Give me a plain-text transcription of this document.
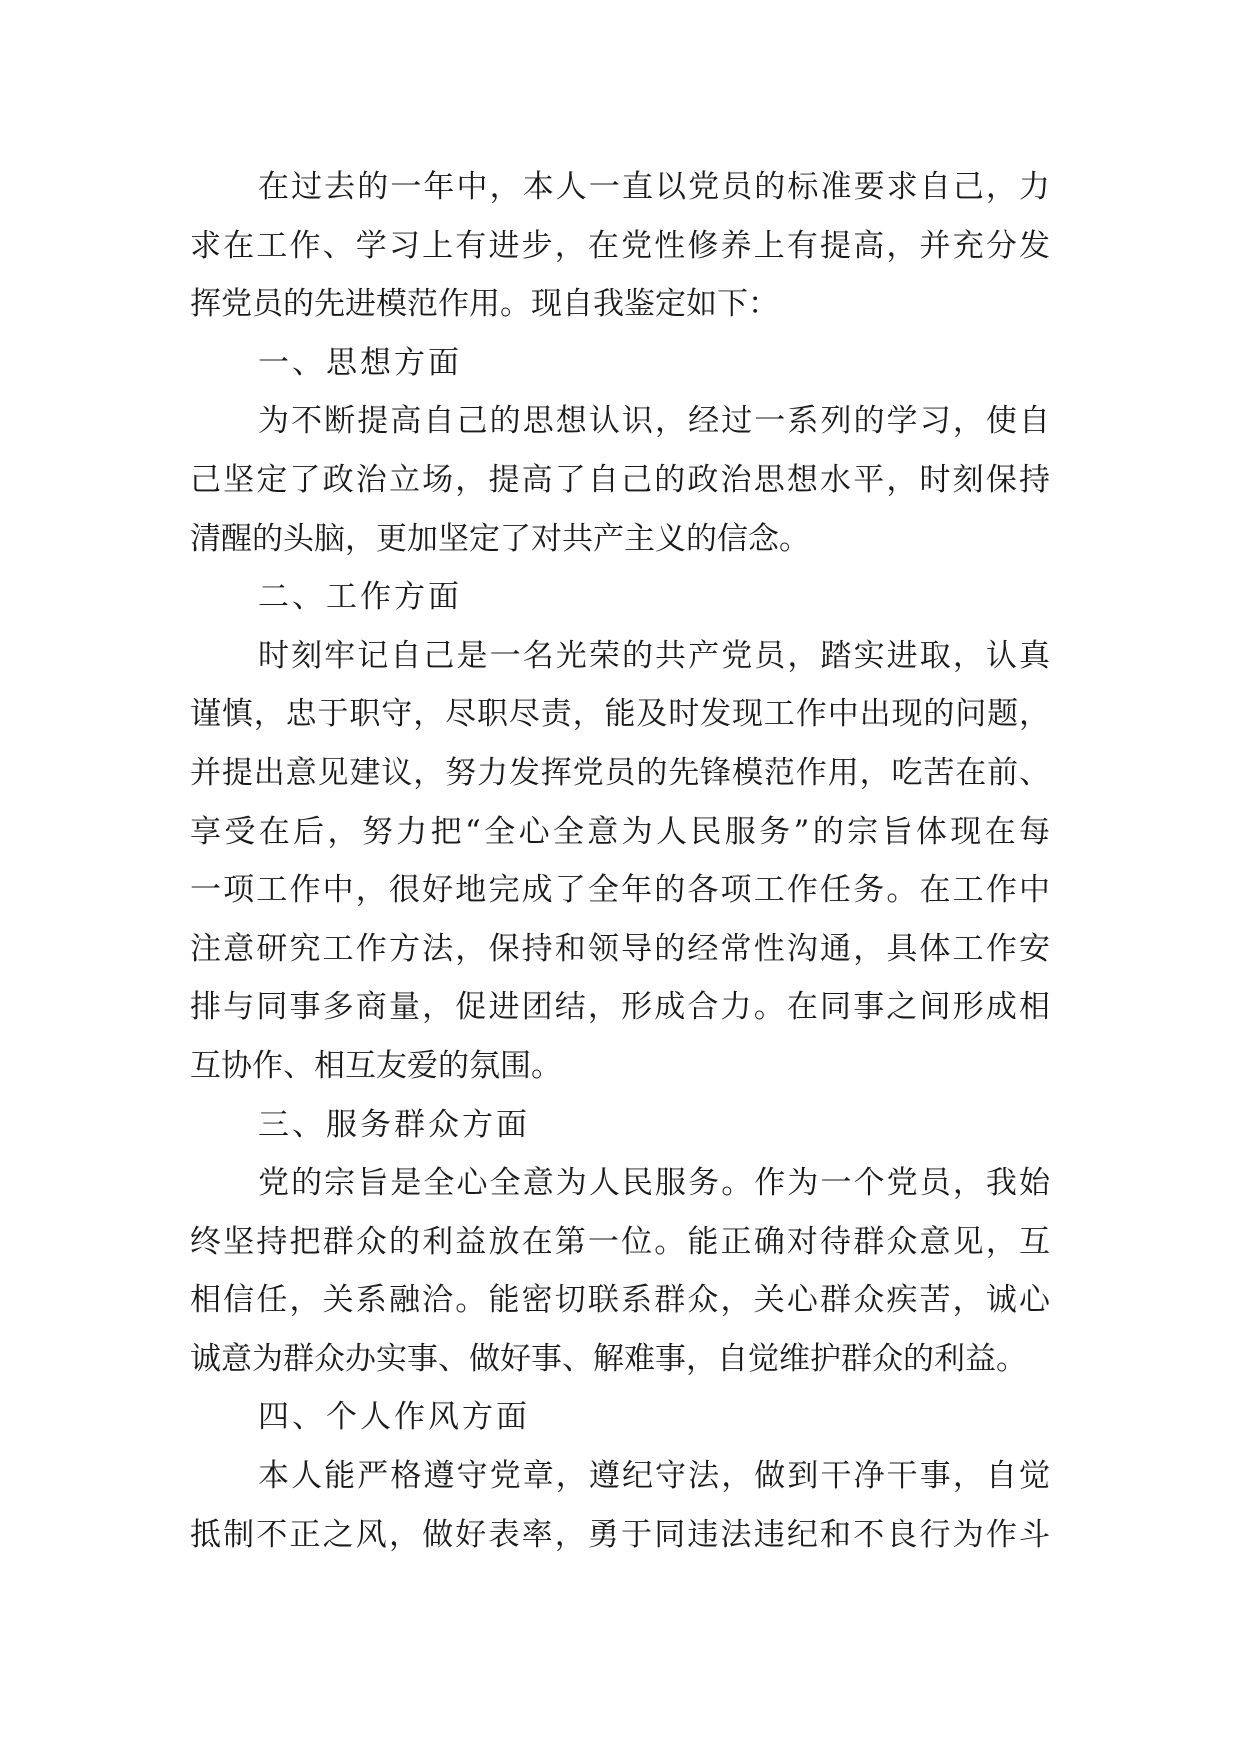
在过去的一年中，本人一直以党员的标准要求自己，力
求在工作、学习上有进步，在党性修养上有提高，并充分发
挥党员的先进模范作用。现自我鉴定如下：

一、思想方面

为不断提高自己的思想认识，经过一系列的学习，使自
己坚定了政治立场，提高了自己的政治思想水平，时刻保持
清醒的头脑，更加坚定了对共产主义的信念。

二、工作方面

时刻牢记自己是一名光荣的共产党员，踏实进取，认真
谨慎，忠于职守，尽职尽责，能及时发现工作中出现的问题，
并提出意见建议，努力发挥党员的先锋模范作用，吃苦在前、
享受在后，努力把“全心全意为人民服务”的宗旨体现在每
一项工作中，很好地完成了全年的各项工作任务。在工作中
注意研究工作方法，保持和领导的经常性沟通，具体工作安
排与同事多商量，促进团结，形成合力。在同事之间形成相
互协作、相互友爱的氛围。

三、服务群众方面

党的宗旨是全心全意为人民服务。作为一个党员，我始
终坚持把群众的利益放在第一位。能正确对待群众意见，互
相信任，关系融洽。能密切联系群众，关心群众疾苦，诚心
诚意为群众办实事、做好事、解难事，自觉维护群众的利益。

四、个人作风方面

本人能严格遵守党章，遵纪守法，做到干净干事，自觉
抵制不正之风，做好表率，勇于同违法违纪和不良行为作斗
